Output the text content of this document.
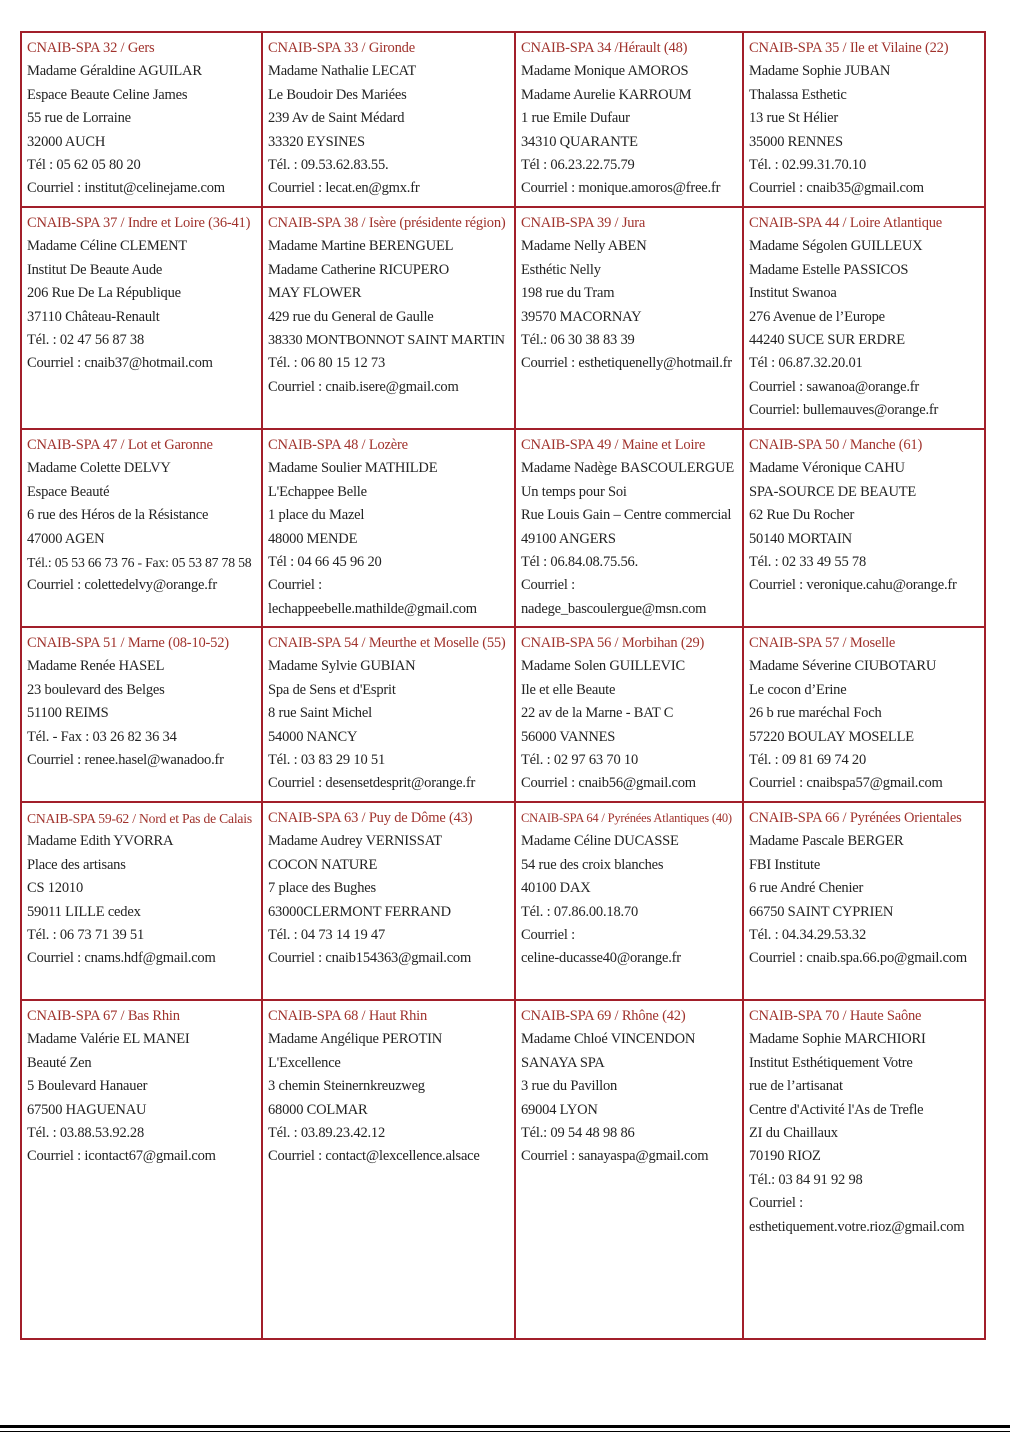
CNAIB-SPA 32 / Gers
Madame Géraldine AGUILAR
Espace Beaute Celine James
55 rue de Lorraine
32000 AUCH
Tél : 05 62 05 80 20
Courriel : institut@celinejame.com
CNAIB-SPA 33 / Gironde
Madame Nathalie LECAT
Le Boudoir Des Mariées
239 Av de Saint Médard
33320 EYSINES
Tél. : 09.53.62.83.55.
Courriel : lecat.en@gmx.fr
CNAIB-SPA 34 /Hérault (48)
Madame Monique AMOROS
Madame Aurelie KARROUM
1 rue Emile Dufaur
34310 QUARANTE
Tél : 06.23.22.75.79
Courriel : monique.amoros@free.fr
CNAIB-SPA 35 / Ile et Vilaine (22)
Madame Sophie JUBAN
Thalassa Esthetic
13 rue St Hélier
35000 RENNES
Tél. : 02.99.31.70.10
Courriel : cnaib35@gmail.com
CNAIB-SPA 37 / Indre et Loire (36-41)
Madame Céline CLEMENT
Institut De Beaute Aude
206 Rue De La République
37110 Château-Renault
Tél. : 02 47 56 87 38
Courriel : cnaib37@hotmail.com
CNAIB-SPA 38 / Isère (présidente région)
Madame Martine BERENGUEL
Madame Catherine RICUPERO
MAY FLOWER
429 rue du General de Gaulle
38330 MONTBONNOT SAINT MARTIN
Tél. : 06 80 15 12 73
Courriel : cnaib.isere@gmail.com
CNAIB-SPA 39 / Jura
Madame Nelly ABEN
Esthétic Nelly
198 rue du Tram
39570 MACORNAY
Tél.: 06 30 38 83 39
Courriel : esthetiquenelly@hotmail.fr
CNAIB-SPA 44 / Loire Atlantique
Madame Ségolen GUILLEUX
Madame Estelle PASSICOS
Institut Swanoa
276 Avenue de l’Europe
44240 SUCE SUR ERDRE
Tél : 06.87.32.20.01
Courriel : sawanoa@orange.fr
Courriel: bullemauves@orange.fr
CNAIB-SPA 47 / Lot et Garonne
Madame Colette DELVY
Espace Beauté
6 rue des Héros de la Résistance
47000 AGEN
Tél.: 05 53 66 73 76 - Fax: 05 53 87 78 58
Courriel : colettedelvy@orange.fr
CNAIB-SPA 48 / Lozère
Madame Soulier MATHILDE
L'Echappee Belle
1 place du Mazel
48000 MENDE
Tél : 04 66 45 96 20
Courriel :
lechappeebelle.mathilde@gmail.com
CNAIB-SPA 49 / Maine et Loire
Madame Nadège BASCOULERGUE
Un temps pour Soi
Rue Louis Gain – Centre commercial
49100 ANGERS
Tél : 06.84.08.75.56.
Courriel :
nadege_bascoulergue@msn.com
CNAIB-SPA 50 / Manche (61)
Madame Véronique CAHU
SPA-SOURCE DE BEAUTE
62 Rue Du Rocher
50140 MORTAIN
Tél. : 02 33 49 55 78
Courriel : veronique.cahu@orange.fr
CNAIB-SPA 51 / Marne (08-10-52)
Madame Renée HASEL
23 boulevard des Belges
51100 REIMS
Tél. - Fax : 03 26 82 36 34
Courriel : renee.hasel@wanadoo.fr
CNAIB-SPA 54 / Meurthe et Moselle (55)
Madame Sylvie GUBIAN
Spa de Sens et d'Esprit
8 rue Saint Michel
54000 NANCY
Tél. : 03 83 29 10 51
Courriel : desensetdesprit@orange.fr
CNAIB-SPA 56 / Morbihan (29)
Madame Solen GUILLEVIC
Ile et elle Beaute
22 av de la Marne - BAT C
56000 VANNES
Tél. : 02 97 63 70 10
Courriel : cnaib56@gmail.com
CNAIB-SPA 57 / Moselle
Madame Séverine CIUBOTARU
Le cocon d’Erine
26 b rue maréchal Foch
57220 BOULAY MOSELLE
Tél. : 09 81 69 74 20
Courriel : cnaibspa57@gmail.com
CNAIB-SPA 59-62 / Nord et Pas de Calais
Madame Edith YVORRA
Place des artisans
CS 12010
59011 LILLE cedex
Tél. : 06 73 71 39 51
Courriel : cnams.hdf@gmail.com
CNAIB-SPA 63 / Puy de Dôme (43)
Madame Audrey VERNISSAT
COCON NATURE
7 place des Bughes
63000CLERMONT FERRAND
Tél. : 04 73 14 19 47
Courriel : cnaib154363@gmail.com
CNAIB-SPA 64 / Pyrénées Atlantiques (40)
Madame Céline DUCASSE
54 rue des croix blanches
40100 DAX
Tél. : 07.86.00.18.70
Courriel :
celine-ducasse40@orange.fr
CNAIB-SPA 66 / Pyrénées Orientales
Madame Pascale BERGER
FBI Institute
6 rue André Chenier
66750 SAINT CYPRIEN
Tél. : 04.34.29.53.32
Courriel : cnaib.spa.66.po@gmail.com
CNAIB-SPA 67 / Bas Rhin
Madame Valérie EL MANEI
Beauté Zen
5 Boulevard Hanauer
67500 HAGUENAU
Tél. : 03.88.53.92.28
Courriel : icontact67@gmail.com
CNAIB-SPA 68 / Haut Rhin
Madame Angélique PEROTIN
L'Excellence
3 chemin Steinernkreuzweg
68000 COLMAR
Tél. : 03.89.23.42.12
Courriel : contact@lexcellence.alsace
CNAIB-SPA 69 / Rhône (42)
Madame Chloé VINCENDON
SANAYA SPA
3 rue du Pavillon
69004 LYON
Tél.: 09 54 48 98 86
Courriel : sanayaspa@gmail.com
CNAIB-SPA 70 / Haute Saône
Madame Sophie MARCHIORI
Institut Esthétiquement Votre
rue de l’artisanat
Centre d'Activité l'As de Trefle
ZI du Chaillaux
70190 RIOZ
Tél.: 03 84 91 92 98
Courriel :
esthetiquement.votre.rioz@gmail.com
